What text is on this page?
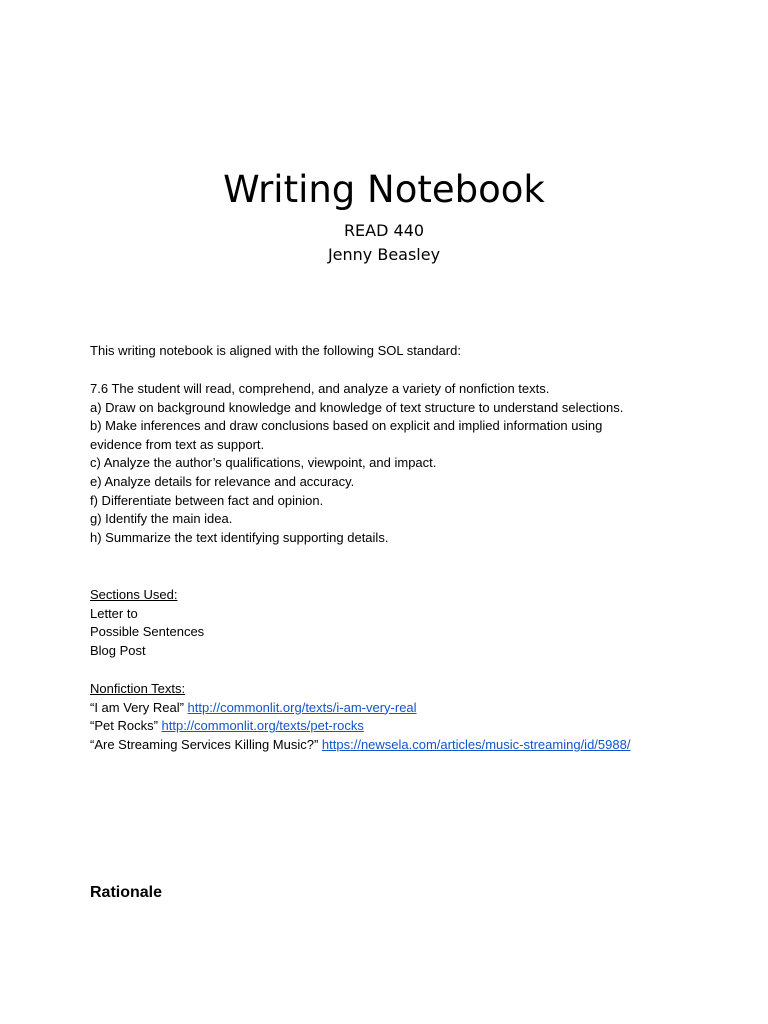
Writing Notebook
READ 440
Jenny Beasley

This writing notebook is aligned with the following SOL standard:

7.6 The student will read, comprehend, and analyze a variety of nonfiction texts.

a) Draw on background knowledge and knowledge of text structure to understand selections.

b) Make inferences and draw conclusions based on explicit and implied information using

evidence from text as support.

c) Analyze the author’s qualifications, viewpoint, and impact.

e) Analyze details for relevance and accuracy.

f) Differentiate between fact and opinion.

g) Identify the main idea.

h) Summarize the text identifying supporting details.

Sections Used:

Letter to

Possible Sentences

Blog Post

Nonfiction Texts:

“I am Very Real” http://commonlit.org/texts/i-am-very-real

“Pet Rocks” http://commonlit.org/texts/pet-rocks

“Are Streaming Services Killing Music?” https://newsela.com/articles/music-streaming/id/5988/

Rationale
